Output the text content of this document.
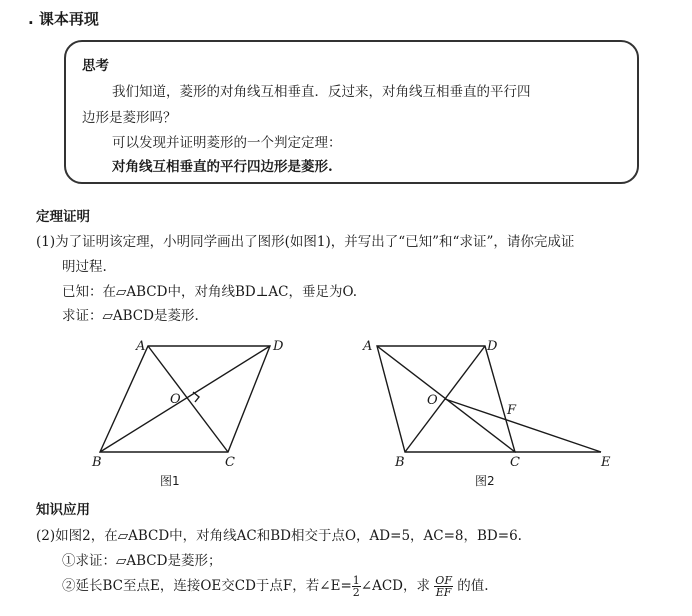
. 课本再现
思考
我们知道，菱形的对角线互相垂直．反过来，对角线互相垂直的平行四
边形是菱形吗？
可以发现并证明菱形的一个判定定理：
对角线互相垂直的平行四边形是菱形.
定理证明
(1)为了证明该定理，小明同学画出了图形(如图1)，并写出了“已知”和“求证”，请你完成证
明过程.
已知：在▱ABCD中，对角线BD⊥AC，垂足为O.
求证：▱ABCD是菱形.
A	D
B	C
O
图1
A	D
B	C	E
O
F
图2
知识应用
(2)如图2，在▱ABCD中，对角线AC和BD相交于点O，AD=5，AC=8，BD=6.
①求证：▱ABCD是菱形；
②延长BC至点E，连接OE交CD于点F，若∠E= $\frac{1}{2}$ ∠ACD，求 $\frac{OF}{EF}$ 的值.
